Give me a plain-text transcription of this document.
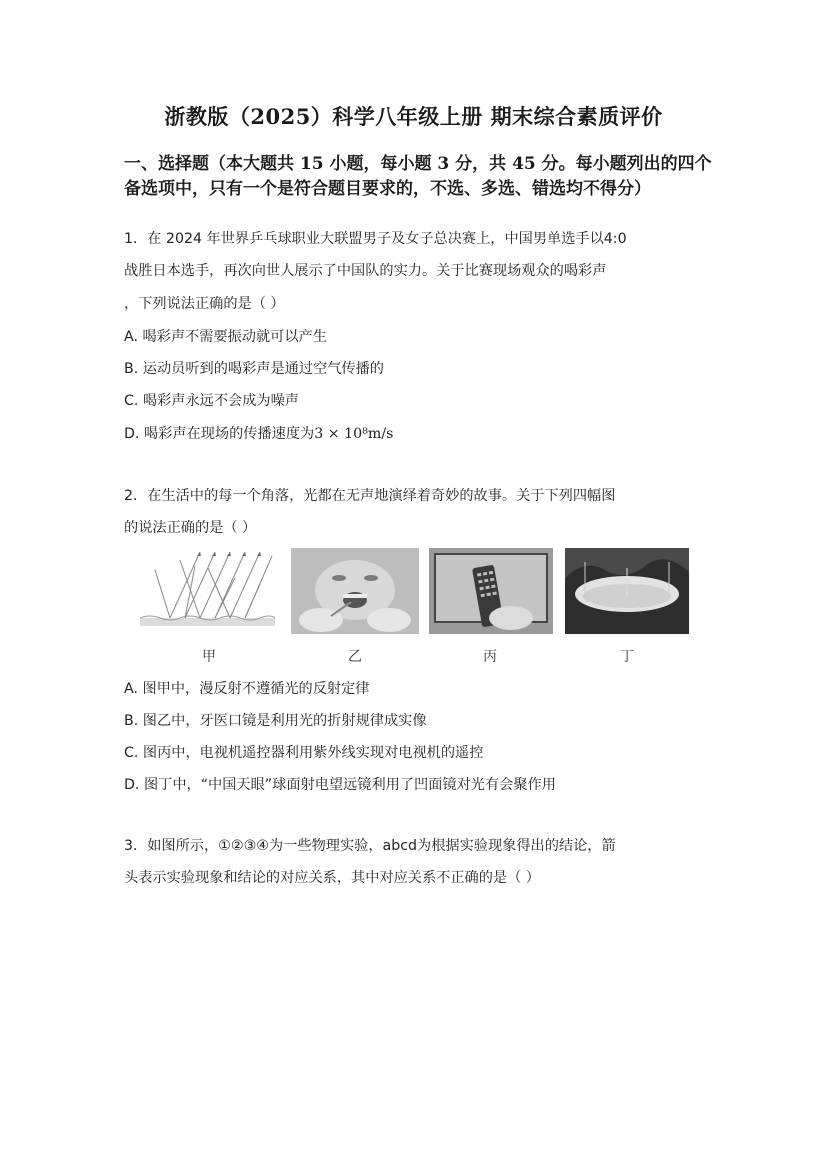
浙教版（2025）科学八年级上册 期末综合素质评价
一、选择题（本大题共 15 小题，每小题 3 分，共 45 分。每小题列出的四个备选项中，只有一个是符合题目要求的，不选、多选、错选均不得分）
1．在 2024 年世界乒乓球职业大联盟男子及女子总决赛上，中国男单选手以4:0
战胜日本选手，再次向世人展示了中国队的实力。关于比赛现场观众的喝彩声
，下列说法正确的是（ ）
A. 喝彩声不需要振动就可以产生
B. 运动员听到的喝彩声是通过空气传播的
C. 喝彩声永远不会成为噪声
D. 喝彩声在现场的传播速度为3 × 10⁸m/s
2．在生活中的每一个角落，光都在无声地演绎着奇妙的故事。关于下列四幅图
的说法正确的是（ ）
甲	乙	丙	丁
A. 图甲中，漫反射不遵循光的反射定律
B. 图乙中，牙医口镜是利用光的折射规律成实像
C. 图丙中，电视机遥控器利用紫外线实现对电视机的遥控
D. 图丁中，“中国天眼”球面射电望远镜利用了凹面镜对光有会聚作用
3．如图所示，①②③④为一些物理实验，abcd为根据实验现象得出的结论，箭
头表示实验现象和结论的对应关系，其中对应关系不正确的是（ ）
